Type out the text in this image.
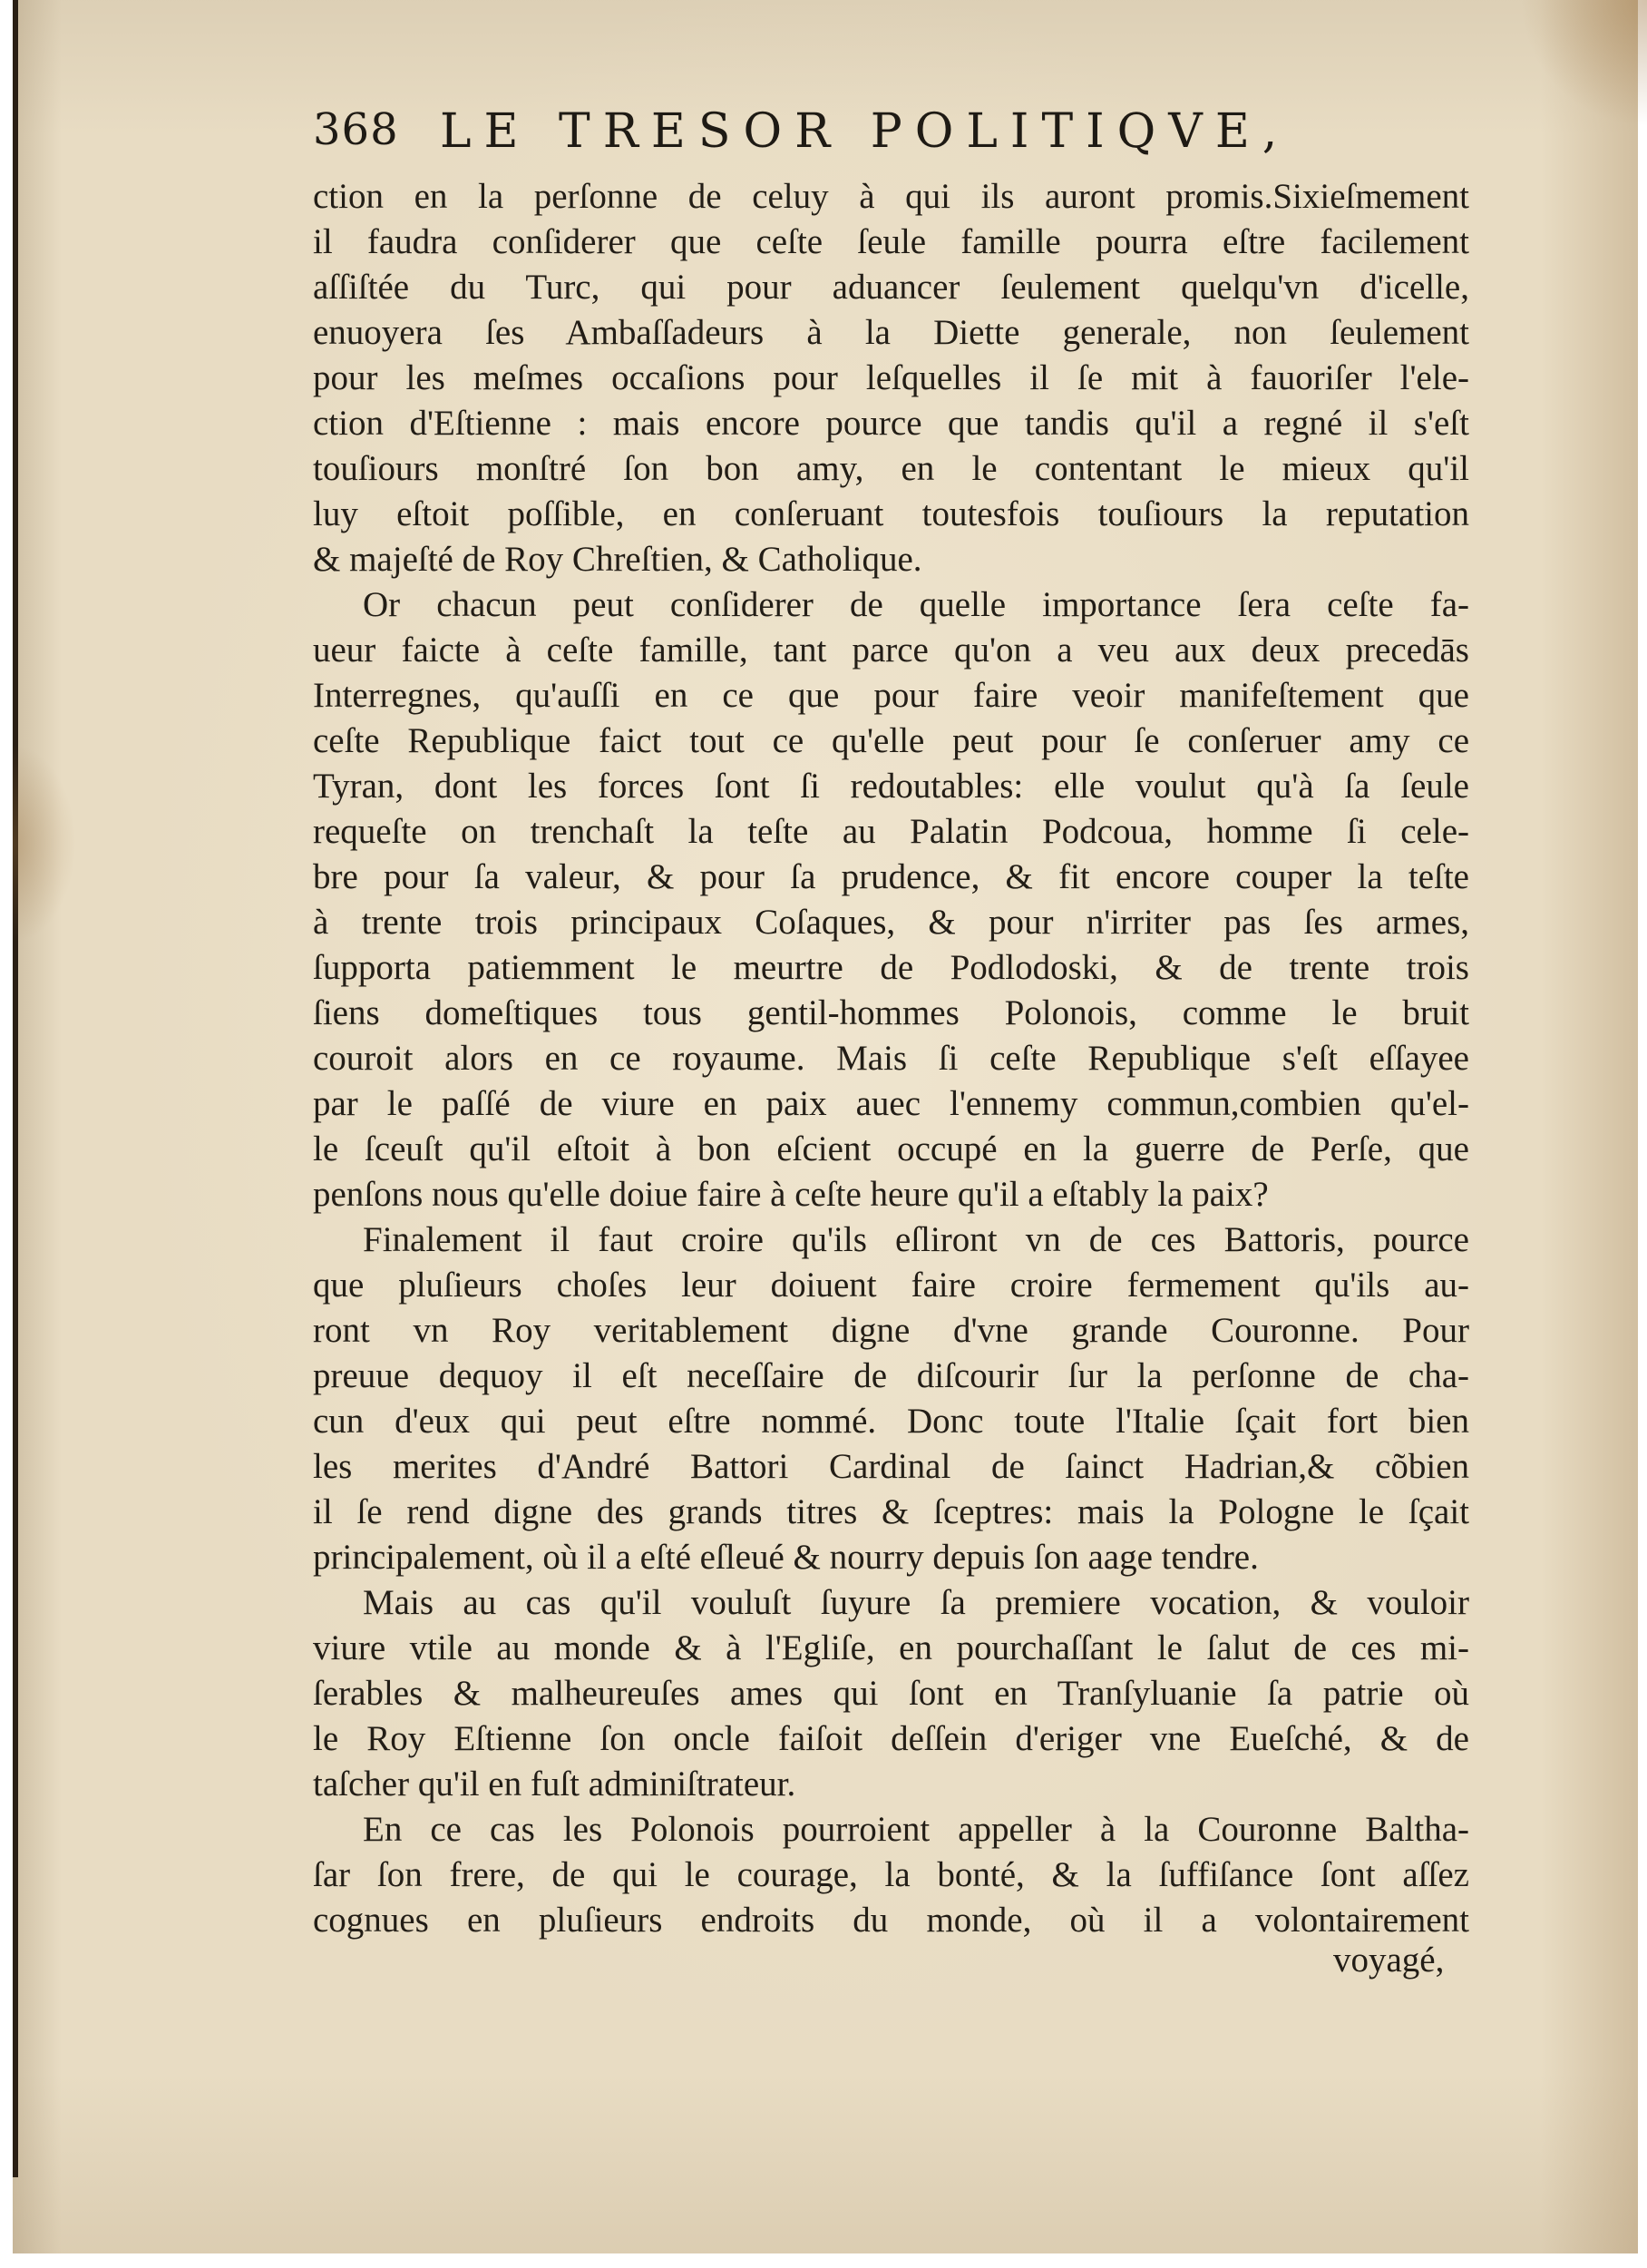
368 LE TRESOR POLITIQVE,
ction en la perſonne de celuy à qui ils auront promis.Sixieſmement
il faudra conſiderer que ceſte ſeule famille pourra eſtre facilement
aſſiſtée du Turc, qui pour aduancer ſeulement quelqu'vn d'icelle,
enuoyera ſes Ambaſſadeurs à la Diette generale, non ſeulement
pour les meſmes occaſions pour leſquelles il ſe mit à fauoriſer l'ele-
ction d'Eſtienne : mais encore pource que tandis qu'il a regné il s'eſt
touſiours monſtré ſon bon amy, en le contentant le mieux qu'il
luy eſtoit poſſible, en conſeruant toutesfois touſiours la reputation
& majeſté de Roy Chreſtien, & Catholique.
Or chacun peut conſiderer de quelle importance ſera ceſte fa-
ueur faicte à ceſte famille, tant parce qu'on a veu aux deux precedās
Interregnes, qu'auſſi en ce que pour faire veoir manifeſtement que
ceſte Republique faict tout ce qu'elle peut pour ſe conſeruer amy ce
Tyran, dont les forces ſont ſi redoutables: elle voulut qu'à ſa ſeule
requeſte on trenchaſt la teſte au Palatin Podcoua, homme ſi cele-
bre pour ſa valeur, & pour ſa prudence, & fit encore couper la teſte
à trente trois principaux Coſaques, & pour n'irriter pas ſes armes,
ſupporta patiemment le meurtre de Podlodoski, & de trente trois
ſiens domeſtiques tous gentil-hommes Polonois, comme le bruit
couroit alors en ce royaume. Mais ſi ceſte Republique s'eſt eſſayee
par le paſſé de viure en paix auec l'ennemy commun,combien qu'el-
le ſceuſt qu'il eſtoit à bon eſcient occupé en la guerre de Perſe, que
penſons nous qu'elle doiue faire à ceſte heure qu'il a eſtably la paix?
Finalement il faut croire qu'ils eſliront vn de ces Battoris, pource
que pluſieurs choſes leur doiuent faire croire fermement qu'ils au-
ront vn Roy veritablement digne d'vne grande Couronne. Pour
preuue dequoy il eſt neceſſaire de diſcourir ſur la perſonne de cha-
cun d'eux qui peut eſtre nommé. Donc toute l'Italie ſçait fort bien
les merites d'André Battori Cardinal de ſainct Hadrian,& cõbien
il ſe rend digne des grands titres & ſceptres: mais la Pologne le ſçait
principalement, où il a eſté eſleué & nourry depuis ſon aage tendre.
Mais au cas qu'il vouluſt ſuyure ſa premiere vocation, & vouloir
viure vtile au monde & à l'Egliſe, en pourchaſſant le ſalut de ces mi-
ſerables & malheureuſes ames qui ſont en Tranſyluanie ſa patrie où
le Roy Eſtienne ſon oncle faiſoit deſſein d'eriger vne Eueſché, & de
taſcher qu'il en fuſt adminiſtrateur.
En ce cas les Polonois pourroient appeller à la Couronne Baltha-
ſar ſon frere, de qui le courage, la bonté, & la ſuffiſance ſont aſſez
cognues en pluſieurs endroits du monde, où il a volontairement
voyagé,
